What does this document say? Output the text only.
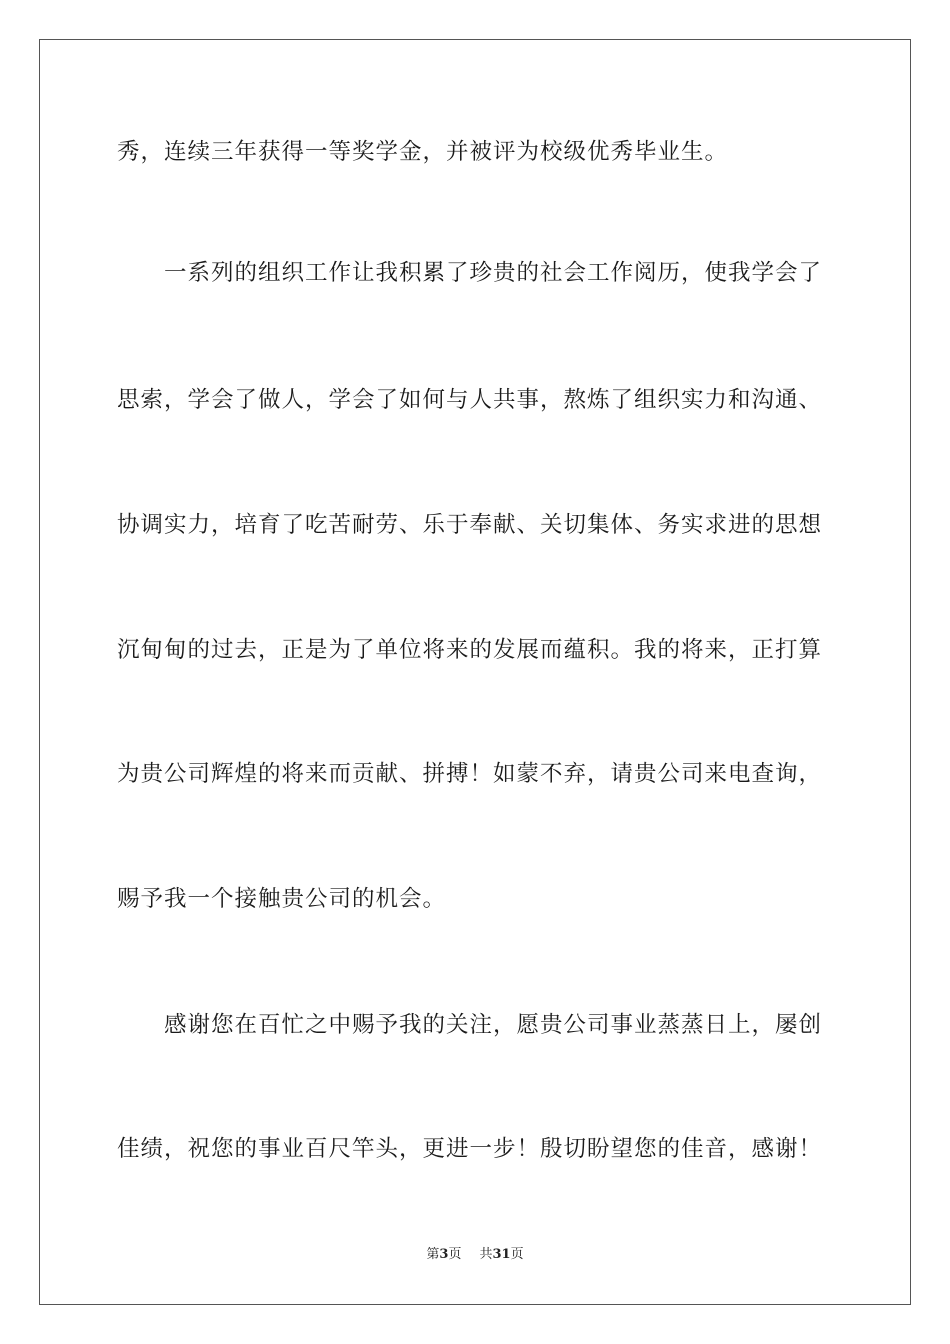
秀，连续三年获得一等奖学金，并被评为校级优秀毕业生。
一系列的组织工作让我积累了珍贵的社会工作阅历，使我学会了
思索，学会了做人，学会了如何与人共事，熬炼了组织实力和沟通、
协调实力，培育了吃苦耐劳、乐于奉献、关切集体、务实求进的思想
沉甸甸的过去，正是为了单位将来的发展而蕴积。我的将来，正打算
为贵公司辉煌的将来而贡献、拼搏！如蒙不弃，请贵公司来电查询，
赐予我一个接触贵公司的机会。
感谢您在百忙之中赐予我的关注，愿贵公司事业蒸蒸日上，屡创
佳绩，祝您的事业百尺竿头，更进一步！殷切盼望您的佳音，感谢！
第3页 共31页
